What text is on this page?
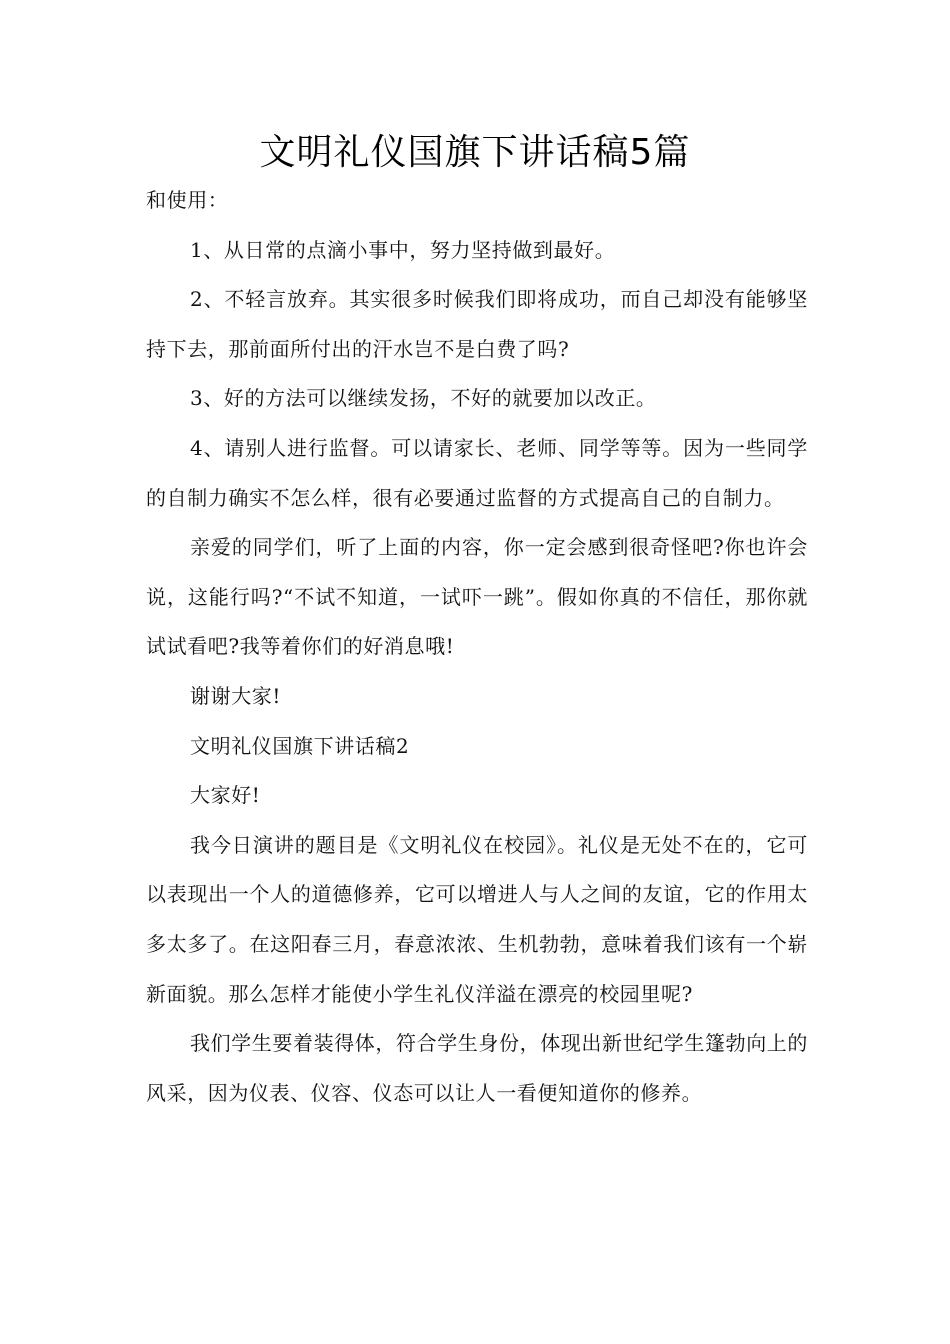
文明礼仪国旗下讲话稿5篇

和使用：

1、从日常的点滴小事中，努力坚持做到最好。

2、不轻言放弃。其实很多时候我们即将成功，而自己却没有能够坚持下去，那前面所付出的汗水岂不是白费了吗?

3、好的方法可以继续发扬，不好的就要加以改正。

4、请别人进行监督。可以请家长、老师、同学等等。因为一些同学的自制力确实不怎么样，很有必要通过监督的方式提高自己的自制力。

亲爱的同学们，听了上面的内容，你一定会感到很奇怪吧?你也许会说，这能行吗?“不试不知道，一试吓一跳”。假如你真的不信任，那你就试试看吧?我等着你们的好消息哦!

谢谢大家!

文明礼仪国旗下讲话稿2

大家好!

我今日演讲的题目是《文明礼仪在校园》。礼仪是无处不在的，它可以表现出一个人的道德修养，它可以增进人与人之间的友谊，它的作用太多太多了。在这阳春三月，春意浓浓、生机勃勃，意味着我们该有一个崭新面貌。那么怎样才能使小学生礼仪洋溢在漂亮的校园里呢?

我们学生要着装得体，符合学生身份，体现出新世纪学生篷勃向上的风采，因为仪表、仪容、仪态可以让人一看便知道你的修养。
